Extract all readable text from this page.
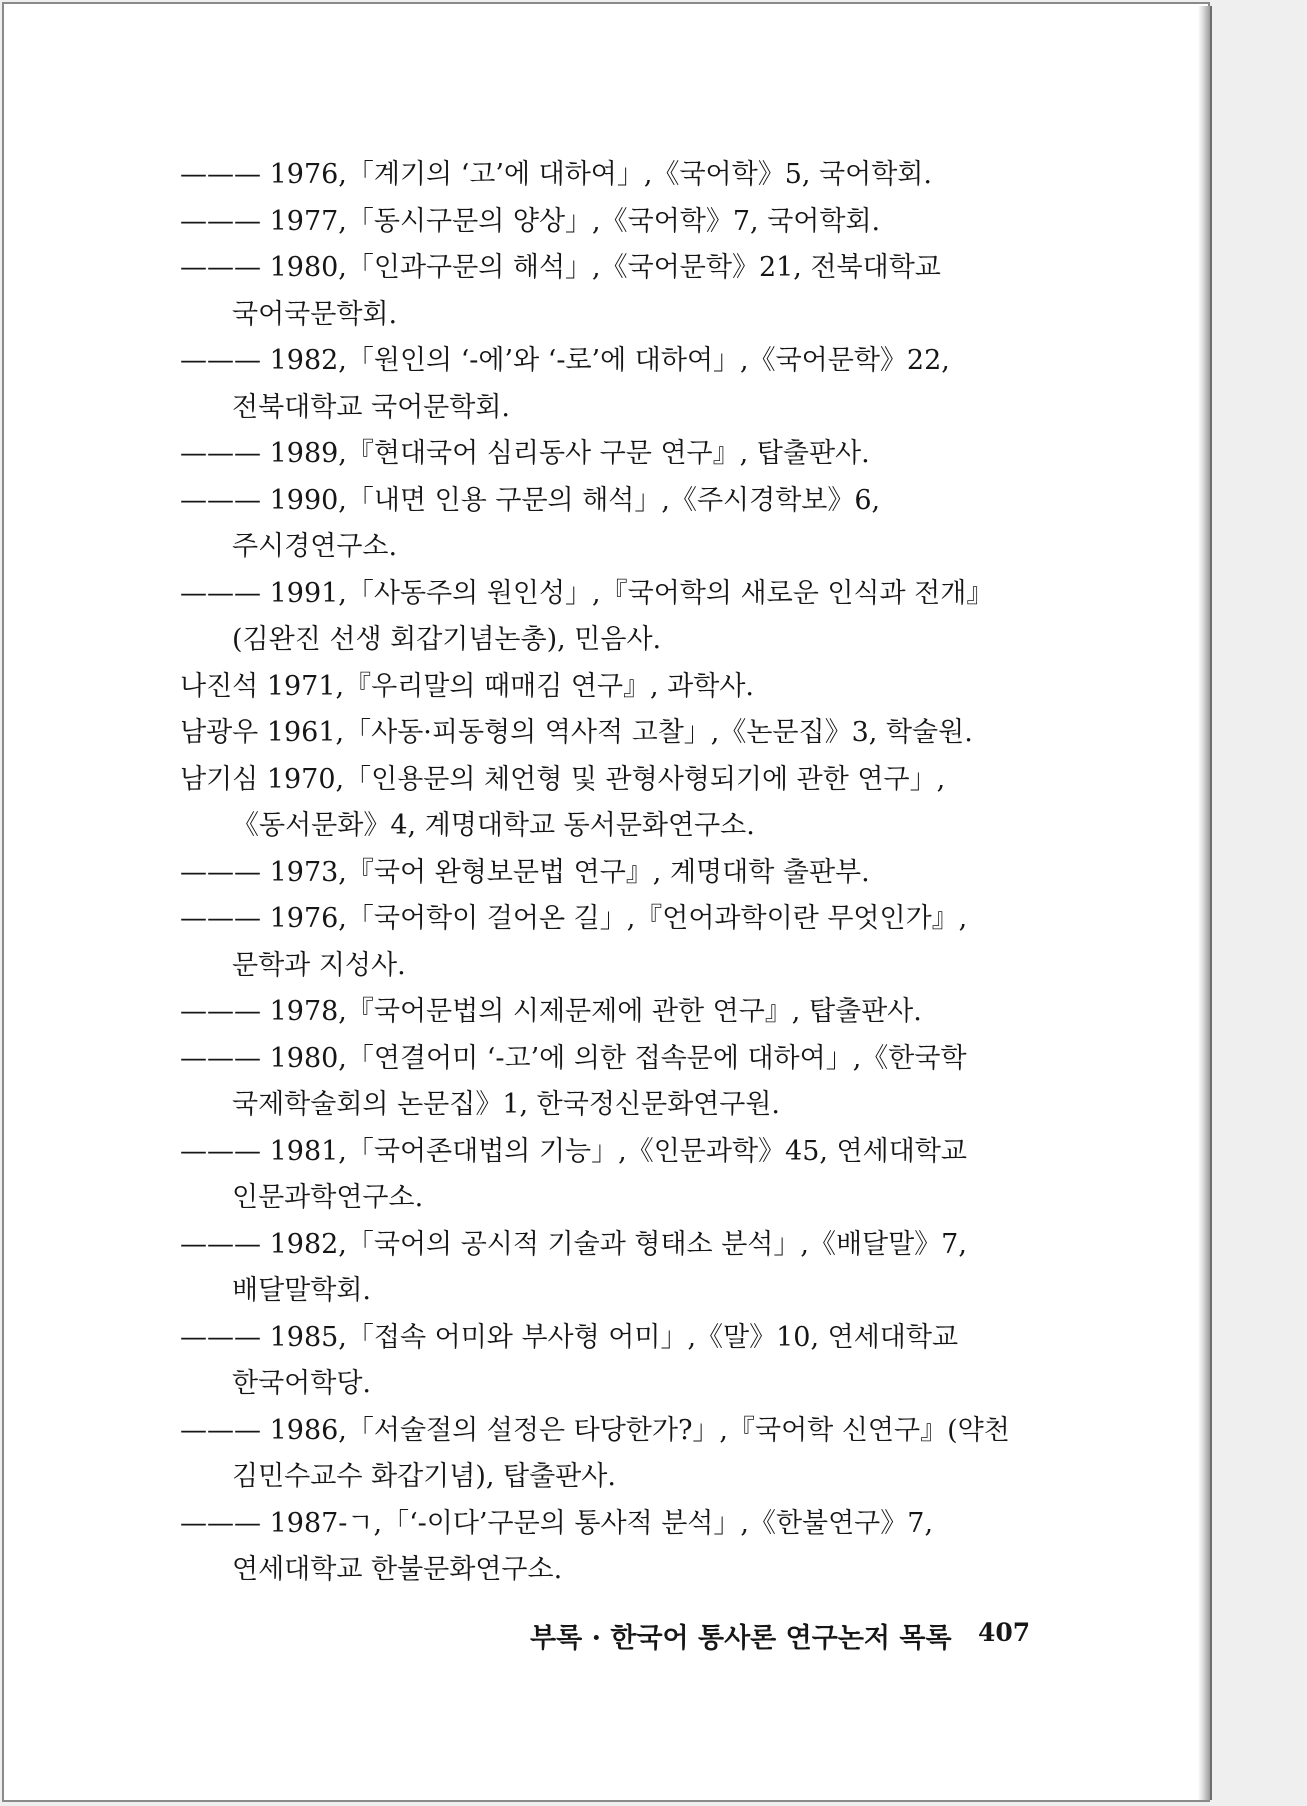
——— 1976,「계기의 ‘고’에 대하여」,《국어학》5, 국어학회.
——— 1977,「동시구문의 양상」,《국어학》7, 국어학회.
——— 1980,「인과구문의 해석」,《국어문학》21, 전북대학교 국어국문학회.
——— 1982,「원인의 ‘-에’와 ‘-로’에 대하여」,《국어문학》22, 전북대학교 국어문학회.
——— 1989,『현대국어 심리동사 구문 연구』, 탑출판사.
——— 1990,「내면 인용 구문의 해석」,《주시경학보》6, 주시경연구소.
——— 1991,「사동주의 원인성」,『국어학의 새로운 인식과 전개』(김완진 선생 회갑기념논총), 민음사.
나진석 1971,『우리말의 때매김 연구』, 과학사.
남광우 1961,「사동·피동형의 역사적 고찰」,《논문집》3, 학술원.
남기심 1970,「인용문의 체언형 및 관형사형되기에 관한 연구」,《동서문화》4, 계명대학교 동서문화연구소.
——— 1973,『국어 완형보문법 연구』, 계명대학 출판부.
——— 1976,「국어학이 걸어온 길」,『언어과학이란 무엇인가』, 문학과 지성사.
——— 1978,『국어문법의 시제문제에 관한 연구』, 탑출판사.
——— 1980,「연결어미 ‘-고’에 의한 접속문에 대하여」,《한국학 국제학술회의 논문집》1, 한국정신문화연구원.
——— 1981,「국어존대법의 기능」,《인문과학》45, 연세대학교 인문과학연구소.
——— 1982,「국어의 공시적 기술과 형태소 분석」,《배달말》7, 배달말학회.
——— 1985,「접속 어미와 부사형 어미」,《말》10, 연세대학교 한국어학당.
——— 1986,「서술절의 설정은 타당한가?」,『국어학 신연구』(약천 김민수교수 화갑기념), 탑출판사.
——— 1987-ㄱ,「‘-이다’구문의 통사적 분석」,《한불연구》7, 연세대학교 한불문화연구소.
부록 · 한국어 통사론 연구논저 목록 407
